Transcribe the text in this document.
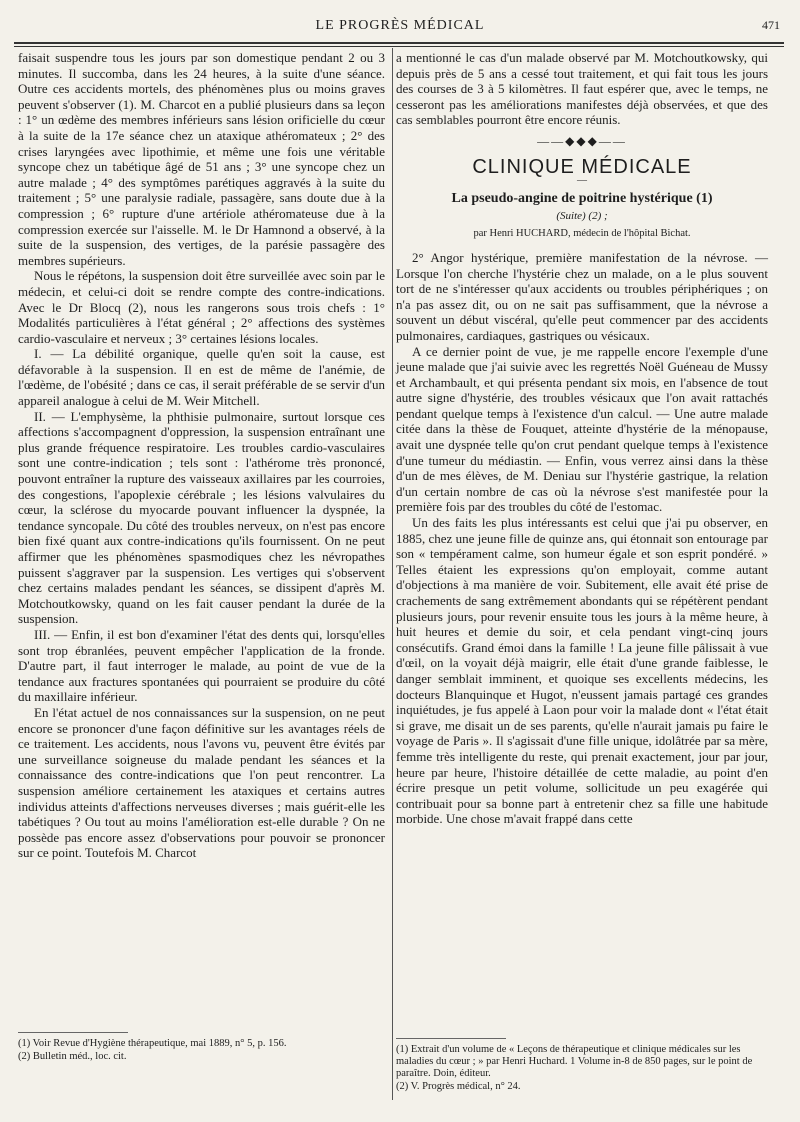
LE PROGRÈS MÉDICAL	471

faisait suspendre tous les jours par son domestique pendant 2 ou 3 minutes. Il succomba, dans les 24 heures, à la suite d'une séance. Outre ces accidents mortels, des phénomènes plus ou moins graves peuvent s'observer (1). M. Charcot en a publié plusieurs dans sa leçon : 1° un œdème des membres inférieurs sans lésion orificielle du cœur à la suite de la 17e séance chez un ataxique athéromateux ; 2° des crises laryngées avec lipothimie, et même une fois une véritable syncope chez un tabétique âgé de 51 ans ; 3° une syncope chez un autre malade ; 4° des symptômes parétiques aggravés à la suite du traitement ; 5° une paralysie radiale, passagère, sans doute due à la compression ; 6° rupture d'une artériole athéromateuse due à la compression exercée sur l'aisselle. M. le Dr Hamnond a observé, à la suite de la suspension, des vertiges, de la parésie passagère des membres supérieurs.

Nous le répétons, la suspension doit être surveillée avec soin par le médecin, et celui-ci doit se rendre compte des contre-indications. Avec le Dr Blocq (2), nous les rangerons sous trois chefs : 1° Modalités particulières à l'état général ; 2° affections des systèmes cardio-vasculaire et nerveux ; 3° certaines lésions locales.

I. — La débilité organique, quelle qu'en soit la cause, est défavorable à la suspension. Il en est de même de l'anémie, de l'œdème, de l'obésité ; dans ce cas, il serait préférable de se servir d'un appareil analogue à celui de M. Weir Mitchell.

II. — L'emphysème, la phthisie pulmonaire, surtout lorsque ces affections s'accompagnent d'oppression, la suspension entraînant une plus grande fréquence respiratoire. Les troubles cardio-vasculaires sont une contre-indication ; tels sont : l'athérome très prononcé, pouvont entraîner la rupture des vaisseaux axillaires par les courroies, des congestions, l'apoplexie cérébrale ; les lésions valvulaires du cœur, la sclérose du myocarde pouvant influencer la dyspnée, la tendance syncopale. Du côté des troubles nerveux, on n'est pas encore bien fixé quant aux contre-indications qu'ils fournissent. On ne peut affirmer que les phénomènes spasmodiques chez les névropathes puissent s'aggraver par la suspension. Les vertiges qui s'observent chez certains malades pendant les séances, se dissipent d'après M. Motchoutkowsky, quand on les fait causer pendant la durée de la suspension.

III. — Enfin, il est bon d'examiner l'état des dents qui, lorsqu'elles sont trop ébranlées, peuvent empêcher l'application de la fronde. D'autre part, il faut interroger le malade, au point de vue de la tendance aux fractures spontanées qui pourraient se produire du côté du maxillaire inférieur.

En l'état actuel de nos connaissances sur la suspension, on ne peut encore se prononcer d'une façon définitive sur les avantages réels de ce traitement. Les accidents, nous l'avons vu, peuvent être évités par une surveillance soigneuse du malade pendant les séances et la connaissance des contre-indications que l'on peut rencontrer. La suspension améliore certainement les ataxiques et certains autres individus atteints d'affections nerveuses diverses ; mais guérit-elle les tabétiques ? Ou tout au moins l'amélioration est-elle durable ? On ne possède pas encore assez d'observations pour pouvoir se prononcer sur ce point. Toutefois M. Charcot

(1) Voir Revue d'Hygiène thérapeutique, mai 1889, n° 5, p. 156.

(2) Bulletin méd., loc. cit.

a mentionné le cas d'un malade observé par M. Motchoutkowsky, qui depuis près de 5 ans a cessé tout traitement, et qui fait tous les jours des courses de 3 à 5 kilomètres. Il faut espérer que, avec le temps, ne cesseront pas les améliorations manifestes déjà observées, et que des cas semblables pourront être encore réunis.

——◆◆◆——
CLINIQUE MÉDICALE
—
La pseudo-angine de poitrine hystérique (1)
(Suite) (2) ;
par Henri HUCHARD, médecin de l'hôpital Bichat.

2° Angor hystérique, première manifestation de la névrose. — Lorsque l'on cherche l'hystérie chez un malade, on a le plus souvent tort de ne s'intéresser qu'aux accidents ou troubles périphériques ; on n'a pas assez dit, ou on ne sait pas suffisamment, que la névrose a souvent un début viscéral, qu'elle peut commencer par des accidents pulmonaires, cardiaques, gastriques ou vésicaux.

A ce dernier point de vue, je me rappelle encore l'exemple d'une jeune malade que j'ai suivie avec les regrettés Noël Guéneau de Mussy et Archambault, et qui présenta pendant six mois, en l'absence de tout autre signe d'hystérie, des troubles vésicaux que l'on avait rattachés pendant quelque temps à l'existence d'un calcul. — Une autre malade citée dans la thèse de Fouquet, atteinte d'hystérie de la ménopause, avait une dyspnée telle qu'on crut pendant quelque temps à l'existence d'une tumeur du médiastin. — Enfin, vous verrez ainsi dans la thèse d'un de mes élèves, de M. Deniau sur l'hystérie gastrique, la relation d'un certain nombre de cas où la névrose s'est manifestée pour la première fois par des troubles du côté de l'estomac.

Un des faits les plus intéressants est celui que j'ai pu observer, en 1885, chez une jeune fille de quinze ans, qui étonnait son entourage par son « tempérament calme, son humeur égale et son esprit pondéré. » Telles étaient les expressions qu'on employait, comme autant d'objections à ma manière de voir. Subitement, elle avait été prise de crachements de sang extrêmement abondants qui se répétèrent pendant plusieurs jours, pour revenir ensuite tous les jours à la même heure, à huit heures et demie du soir, et cela pendant vingt-cinq jours consécutifs. Grand émoi dans la famille ! La jeune fille pâlissait à vue d'œil, on la voyait déjà maigrir, elle était d'une grande faiblesse, le danger semblait imminent, et quoique ses excellents médecins, les docteurs Blanquinque et Hugot, n'eussent jamais partagé ces grandes inquiétudes, je fus appelé à Laon pour voir la malade dont « l'état était si grave, me disait un de ses parents, qu'elle n'aurait jamais pu faire le voyage de Paris ». Il s'agissait d'une fille unique, idolâtrée par sa mère, femme très intelligente du reste, qui prenait exactement, jour par jour, heure par heure, l'histoire détaillée de cette maladie, au point d'en écrire presque un petit volume, sollicitude un peu exagérée qui contribuait pour sa bonne part à entretenir chez sa fille une habitude morbide. Une chose m'avait frappé dans cette

(1) Extrait d'un volume de « Leçons de thérapeutique et clinique médicales sur les maladies du cœur ; » par Henri Huchard. 1 Volume in-8 de 850 pages, sur le point de paraître. Doin, éditeur.

(2) V. Progrès médical, n° 24.
